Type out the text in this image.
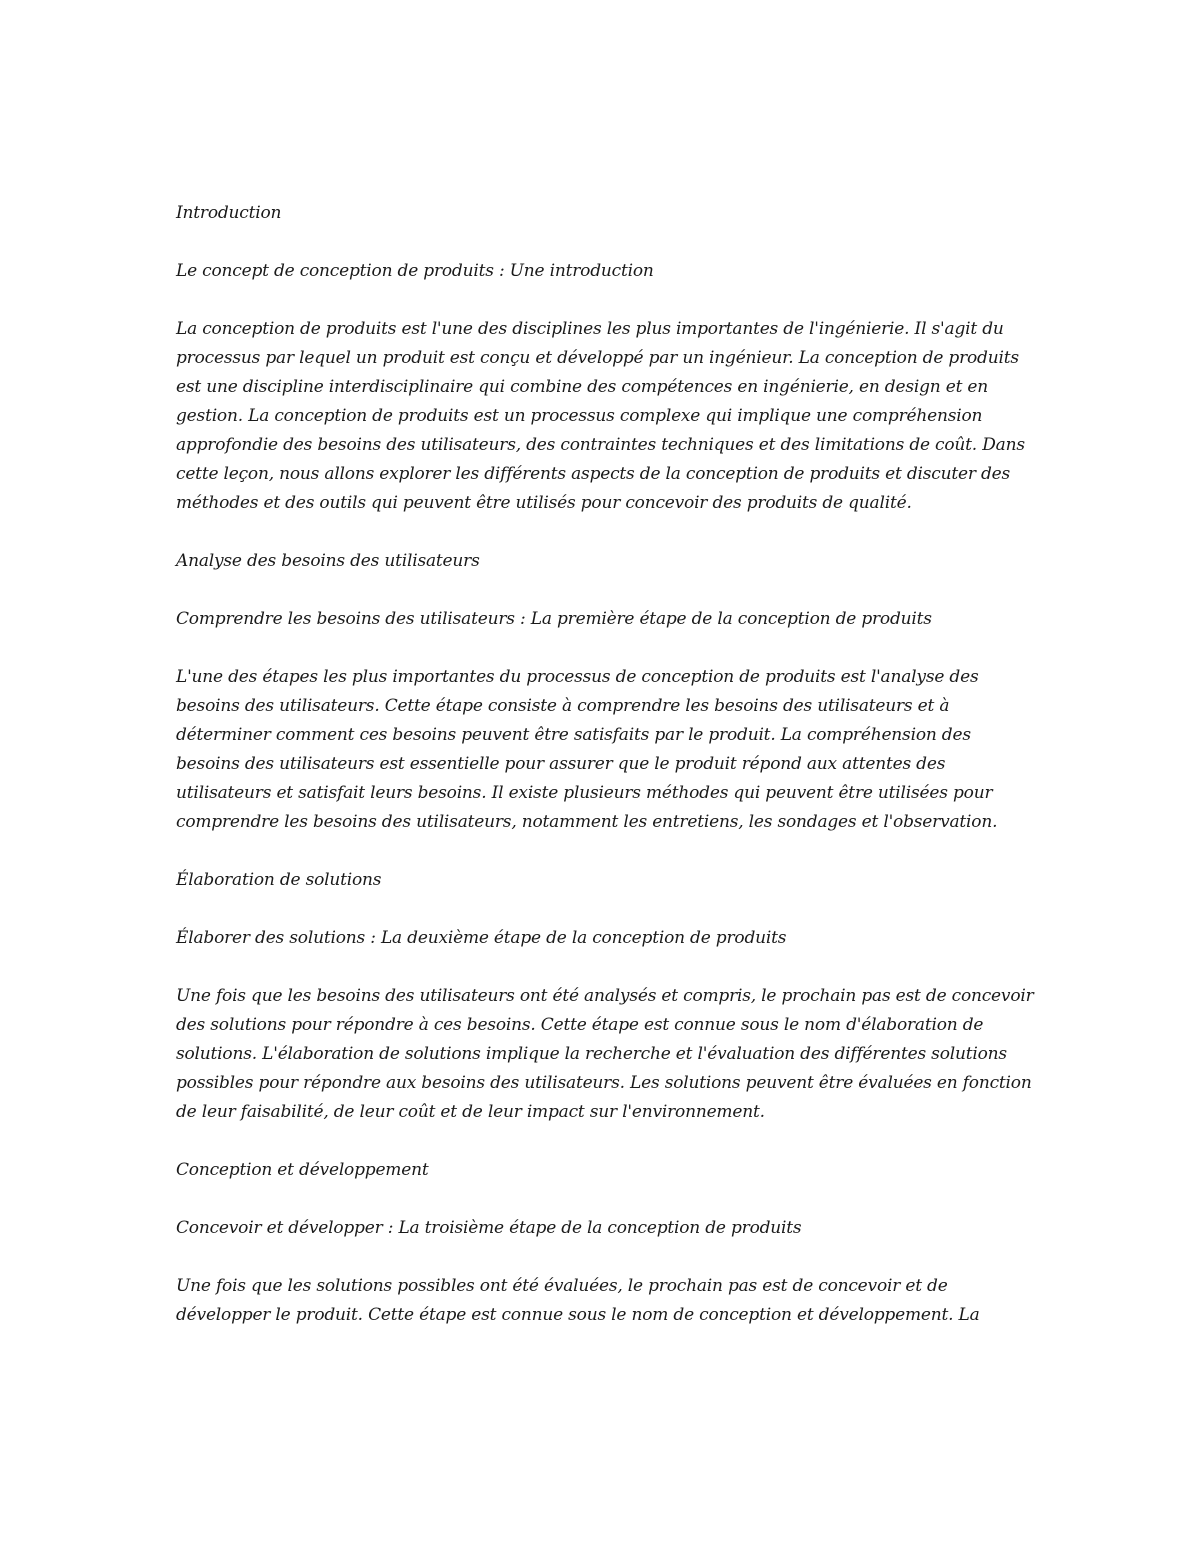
Introduction

Le concept de conception de produits : Une introduction

La conception de produits est l'une des disciplines les plus importantes de l'ingénierie. Il s'agit du processus par lequel un produit est conçu et développé par un ingénieur. La conception de produits est une discipline interdisciplinaire qui combine des compétences en ingénierie, en design et en gestion. La conception de produits est un processus complexe qui implique une compréhension approfondie des besoins des utilisateurs, des contraintes techniques et des limitations de coût. Dans cette leçon, nous allons explorer les différents aspects de la conception de produits et discuter des méthodes et des outils qui peuvent être utilisés pour concevoir des produits de qualité.

Analyse des besoins des utilisateurs

Comprendre les besoins des utilisateurs : La première étape de la conception de produits

L'une des étapes les plus importantes du processus de conception de produits est l'analyse des besoins des utilisateurs. Cette étape consiste à comprendre les besoins des utilisateurs et à déterminer comment ces besoins peuvent être satisfaits par le produit. La compréhension des besoins des utilisateurs est essentielle pour assurer que le produit répond aux attentes des utilisateurs et satisfait leurs besoins. Il existe plusieurs méthodes qui peuvent être utilisées pour comprendre les besoins des utilisateurs, notamment les entretiens, les sondages et l'observation.

Élaboration de solutions

Élaborer des solutions : La deuxième étape de la conception de produits

Une fois que les besoins des utilisateurs ont été analysés et compris, le prochain pas est de concevoir des solutions pour répondre à ces besoins. Cette étape est connue sous le nom d'élaboration de solutions. L'élaboration de solutions implique la recherche et l'évaluation des différentes solutions possibles pour répondre aux besoins des utilisateurs. Les solutions peuvent être évaluées en fonction de leur faisabilité, de leur coût et de leur impact sur l'environnement.

Conception et développement

Concevoir et développer : La troisième étape de la conception de produits

Une fois que les solutions possibles ont été évaluées, le prochain pas est de concevoir et de développer le produit. Cette étape est connue sous le nom de conception et développement. La
